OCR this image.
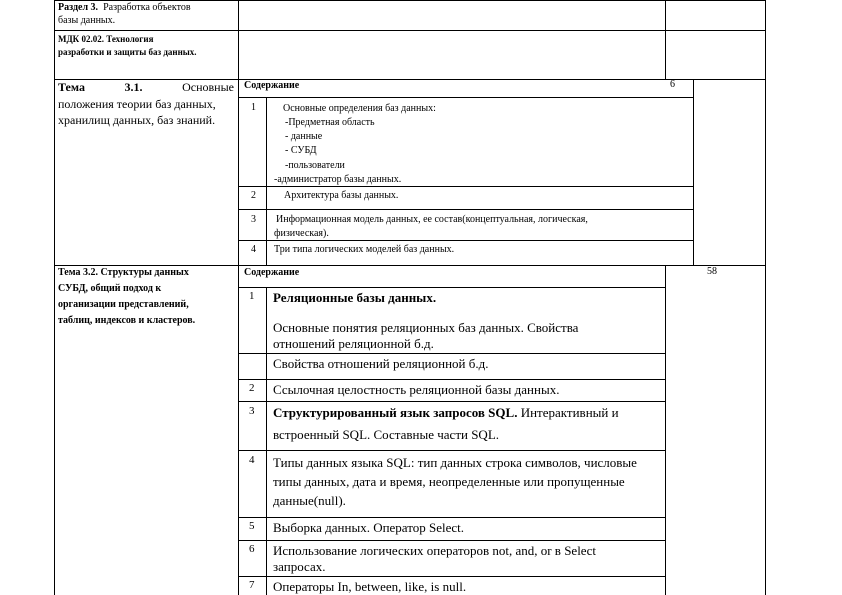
Раздел 3. Разработка объектов
базы данных.
МДК 02.02. Технология
разработки и защиты баз данных.
Тема	3.1.	Основные
положения теории баз данных,
хранилищ данных, баз знаний.
Содержание	6
1	Основные определения баз данных:
-Предметная область
- данные
- СУБД
-пользователи
-администратор базы данных.
2	Архитектура базы данных.
3 Информационная модель данных, ее состав(концептуальная, логическая,
физическая).
4 Три типа логических моделей баз данных.
Тема 3.2. Структуры данных
СУБД, общий подход к
организации представлений,
таблиц, индексов и кластеров.
Содержание	58
1 Реляционные базы данных.
Основные понятия реляционных баз данных. Свойства
отношений реляционной б.д.
Свойства отношений реляционной б.д.
2 Ссылочная целостность реляционной базы данных.
3 Структурированный язык запросов SQL. Интерактивный и
встроенный SQL. Составные части SQL.
4 Типы данных языка SQL: тип данных строка символов, числовые
типы данных, дата и время, неопределенные или пропущенные
данные(null).
5 Выборка данных. Оператор Select.
6 Использование логических операторов not, and, or в Select
запросах.
7 Операторы In, between, like, is null.
